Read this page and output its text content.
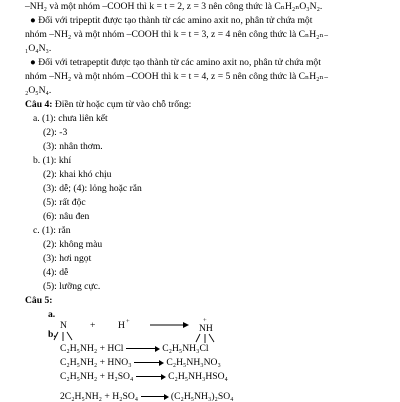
–NH₂ và một nhóm –COOH thì k = t = 2, z = 3 nên công thức là CₙH₂ₙO₃N₂.
● Đối với tripeptit được tạo thành từ các amino axit no, phân tử chứa một
nhóm –NH₂ và một nhóm –COOH thì k = t = 3, z = 4 nên công thức là CₙH₂ₙ₋
₁O₄N₃.
● Đối với tetrapeptit được tạo thành từ các amino axit no, phân tử chứa một
nhóm –NH₂ và một nhóm –COOH thì k = t = 4, z = 5 nên công thức là CₙH₂ₙ₋
₂O₅N₄.
Câu 4: Điền từ hoặc cụm từ vào chỗ trống:
a. (1): chưa liên kết
(2): -3
(3): nhân thơm.
b. (1): khí
(2): khai khó chịu
(3): dễ; (4): lỏng hoặc rắn
(5): rất độc
(6): nâu đen
c. (1): rắn
(2): không màu
(3): hơi ngọt
(4): dễ
(5): lưỡng cực.
Câu 5:
a.
N + H +	+
NH
b.
C₂H₅NH₂ + HCl	C₂H₅NH₃Cl
C₂H₅NH₂ + HNO₃	C₂H₅NH₃NO₃
C₂H₅NH₂ + H₂SO₄	C₂H₅NH₃HSO₄
2C₂H₅NH₂ + H₂SO₄	(C₂H₅NH₃)₂SO₄
